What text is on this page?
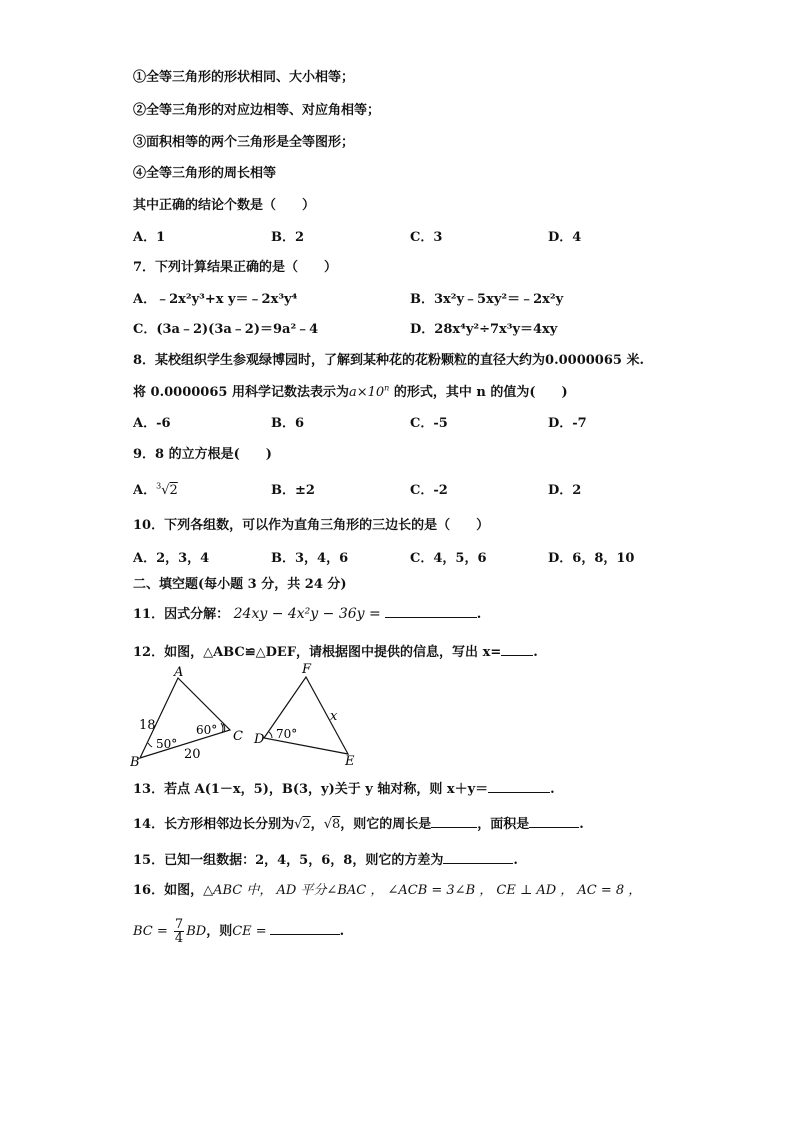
①全等三角形的形状相同、大小相等；
②全等三角形的对应边相等、对应角相等；
③面积相等的两个三角形是全等图形；
④全等三角形的周长相等
其中正确的结论个数是（　　）
A．1	B．2	C．3	D．4
7．下列计算结果正确的是（　　）
A．﹣2x²y³+x y＝﹣2x³y⁴	B．3x²y﹣5xy²＝﹣2x²y
C．(3a﹣2)(3a﹣2)＝9a²﹣4	D．28x⁴y²÷7x³y＝4xy
8．某校组织学生参观绿博园时，了解到某种花的花粉颗粒的直径大约为0.0000065 米.
将 0.0000065 用科学记数法表示为$a\times 10^n$ 的形式，其中 n 的值为(　　)
A．-6	B．6	C．-5	D．-7
9．8 的立方根是(　　)
A．$^3$√2	B．±2	C．-2	D．2
10．下列各组数，可以作为直角三角形的三边长的是（　　）
A．2，3，4	B．3，4，6	C．4，5，6	D．6，8，10
二、填空题(每小题 3 分，共 24 分)
11．因式分解： 24xy − 4x²y − 36y =	.
12．如图，△ABC≌△DEF，请根据图中提供的信息，写出 x= .
A
B
C
18
20
50°
60°
F
D
E
x
70°
13．若点 A(1－x，5)，B(3，y)关于 y 轴对称，则 x＋y＝	.
14．长方形相邻边长分别为√2，√8，则它的周长是	，面积是	.
15．已知一组数据：2，4，5，6，8，则它的方差为	.
16．如图，△ABC 中， AD 平分∠BAC ， ∠ACB = 3∠B ， CE ⊥ AD ， AC = 8 ，
BC = $\frac{7}{4}$ BD，则CE =	.
